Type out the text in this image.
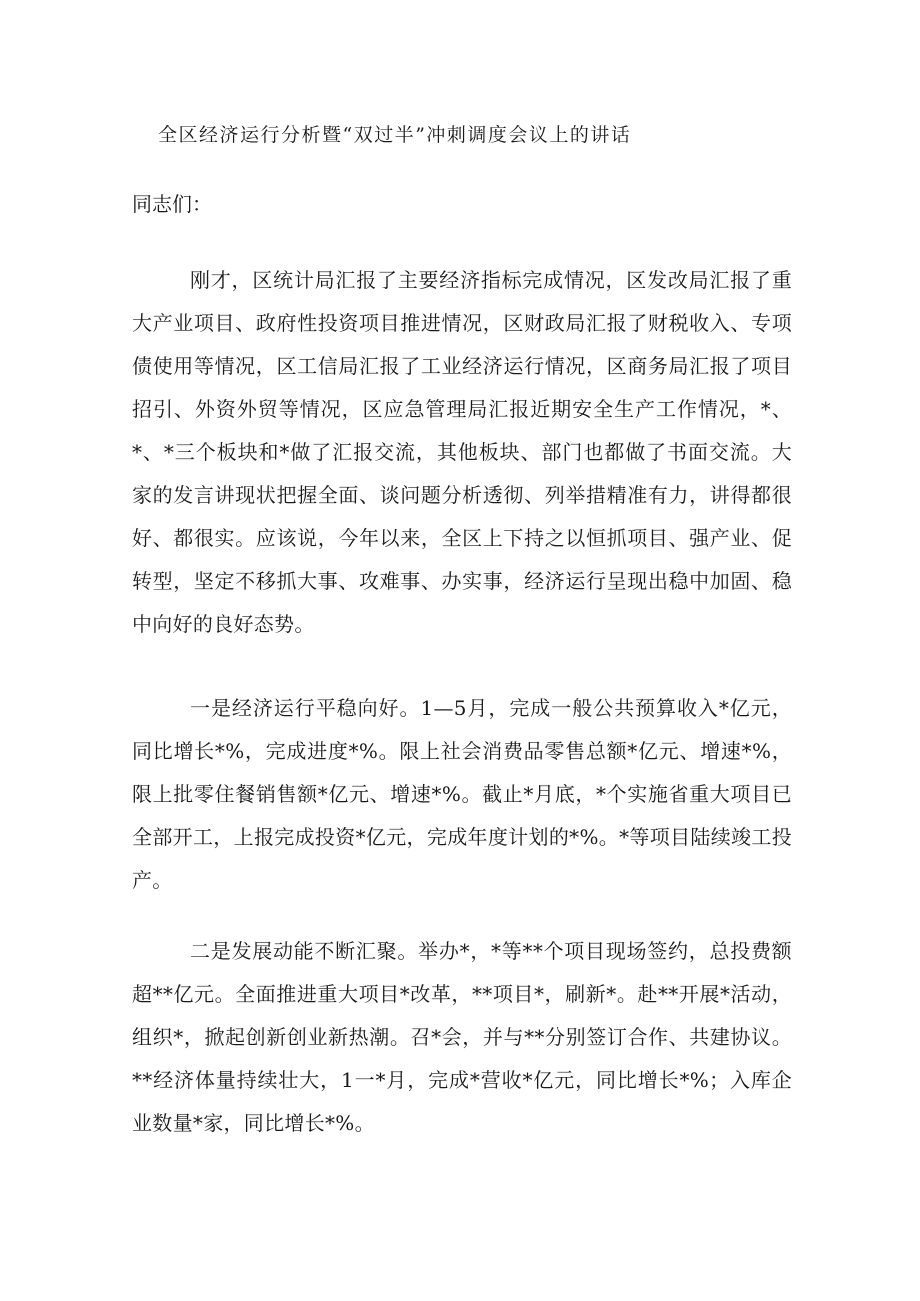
全区经济运行分析暨“双过半”冲刺调度会议上的讲话

同志们：

刚才，区统计局汇报了主要经济指标完成情况，区发改局汇报了重大产业项目、政府性投资项目推进情况，区财政局汇报了财税收入、专项债使用等情况，区工信局汇报了工业经济运行情况，区商务局汇报了项目招引、外资外贸等情况，区应急管理局汇报近期安全生产工作情况，*、*、*三个板块和*做了汇报交流，其他板块、部门也都做了书面交流。大家的发言讲现状把握全面、谈问题分析透彻、列举措精准有力，讲得都很好、都很实。应该说，今年以来，全区上下持之以恒抓项目、强产业、促转型，坚定不移抓大事、攻难事、办实事，经济运行呈现出稳中加固、稳中向好的良好态势。

一是经济运行平稳向好。1—5月，完成一般公共预算收入*亿元，同比增长*%，完成进度*%。限上社会消费品零售总额*亿元、增速*%，限上批零住餐销售额*亿元、增速*%。截止*月底，*个实施省重大项目已全部开工，上报完成投资*亿元，完成年度计划的*%。*等项目陆续竣工投产。

二是发展动能不断汇聚。举办*，*等**个项目现场签约，总投费额超**亿元。全面推进重大项目*改革，**项目*，刷新*。赴**开展*活动，组织*，掀起创新创业新热潮。召*会，并与**分别签订合作、共建协议。**经济体量持续壮大，1一*月，完成*营收*亿元，同比增长*%；入库企业数量*家，同比增长*%。
